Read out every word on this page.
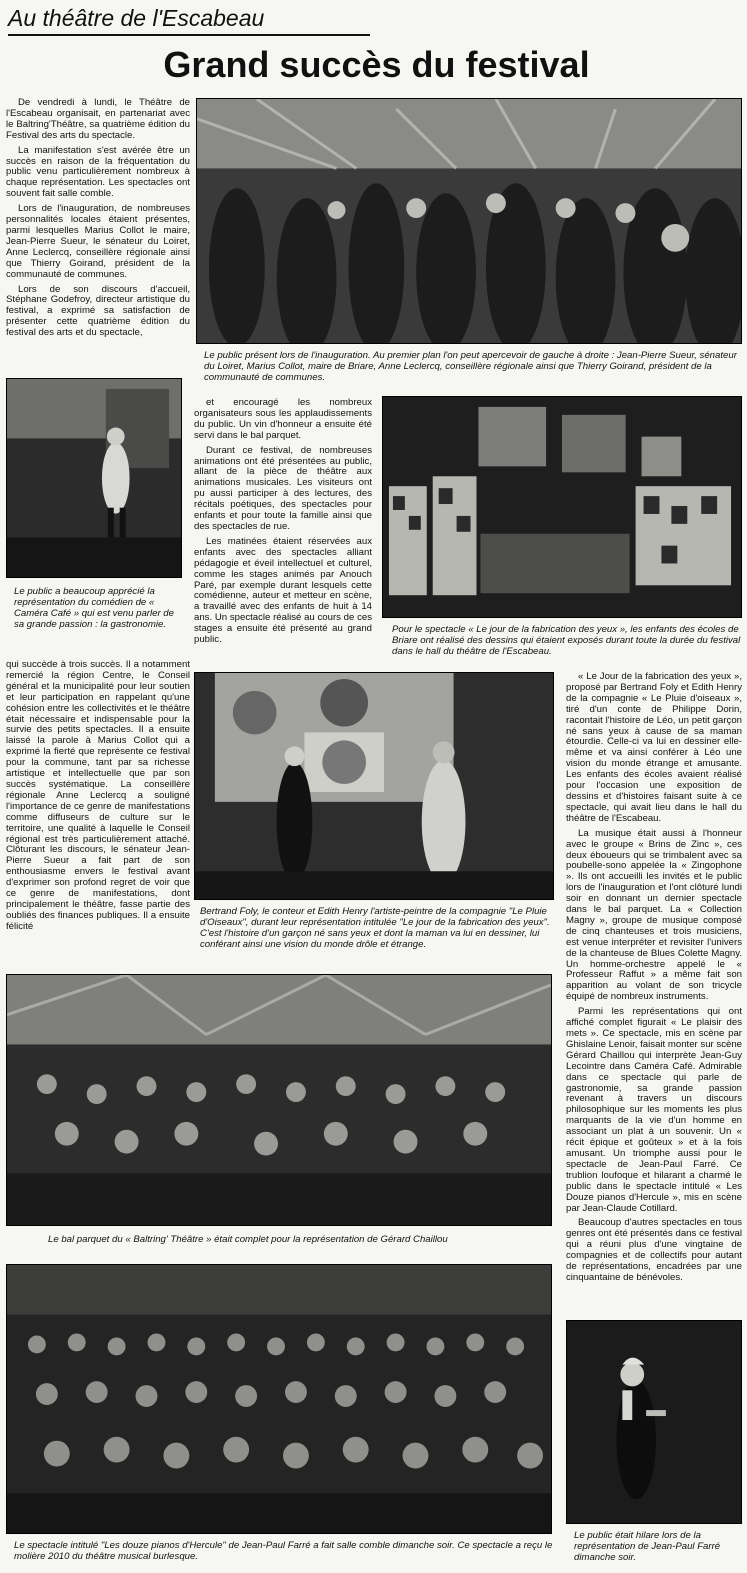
Au théâtre de l'Escabeau
Grand succès du festival

De vendredi à lundi, le Théâtre de l'Escabeau organisait, en partenariat avec le Baltring'Théâtre, sa quatrième édition du Festival des arts du spectacle.

La manifestation s'est avérée être un succès en raison de la fréquentation du public venu particulièrement nombreux à chaque représentation. Les spectacles ont souvent fait salle comble.

Lors de l'inauguration, de nombreuses personnalités locales étaient présentes, parmi lesquelles Marius Collot le maire, Jean-Pierre Sueur, le sénateur du Loiret, Anne Leclercq, conseillère régionale ainsi que Thierry Goirand, président de la communauté de communes.

Lors de son discours d'accueil, Stéphane Godefroy, directeur artistique du festival, a exprimé sa satisfaction de présenter cette quatrième édition du festival des arts et du spectacle,

Le public présent lors de l'inauguration. Au premier plan l'on peut apercevoir de gauche à droite : Jean-Pierre Sueur, sénateur du Loiret, Marius Collot, maire de Briare, Anne Leclercq, conseillère régionale ainsi que Thierry Goirand, président de la communauté de communes.
Le public a beaucoup apprécié la représentation du comédien de « Caméra Café » qui est venu parler de sa grande passion : la gastronomie.

et encouragé les nombreux organisateurs sous les applaudissements du public. Un vin d'honneur a ensuite été servi dans le bal parquet.

Durant ce festival, de nombreuses animations ont été présentées au public, allant de la pièce de théâtre aux animations musicales. Les visiteurs ont pu aussi participer à des lectures, des récitals poétiques, des spectacles pour enfants et pour toute la famille ainsi que des spectacles de rue.

Les matinées étaient réservées aux enfants avec des spectacles alliant pédagogie et éveil intellectuel et culturel, comme les stages animés par Anouch Paré, par exemple durant lesquels cette comédienne, auteur et metteur en scène, a travaillé avec des enfants de huit à 14 ans. Un spectacle réalisé au cours de ces stages a ensuite été présenté au grand public.

Pour le spectacle « Le jour de la fabrication des yeux », les enfants des écoles de Briare ont réalisé des dessins qui étaient exposés durant toute la durée du festival dans le hall du théâtre de l'Escabeau.

qui succède à trois succès. Il a notamment remercié la région Centre, le Conseil général et la municipalité pour leur soutien et leur participation en rappelant qu'une cohésion entre les collectivités et le théâtre était nécessaire et indispensable pour la survie des petits spectacles. Il a ensuite laissé la parole à Marius Collot qui a exprimé la fierté que représente ce festival pour la commune, tant par sa richesse artistique et intellectuelle que par son succès systématique. La conseillère régionale Anne Leclercq a souligné l'importance de ce genre de manifestations comme diffuseurs de culture sur le territoire, une qualité à laquelle le Conseil régional est très particulièrement attaché. Clôturant les discours, le sénateur Jean-Pierre Sueur a fait part de son enthousiasme envers le festival avant d'exprimer son profond regret de voir que ce genre de manifestations, dont principalement le théâtre, fasse partie des oubliés des finances publiques. Il a ensuite félicité

Bertrand Foly, le conteur et Edith Henry l'artiste-peintre de la compagnie "Le Pluie d'Oiseaux", durant leur représentation intitulée "Le jour de la fabrication des yeux". C'est l'histoire d'un garçon né sans yeux et dont la maman va lui en dessiner, lui conférant ainsi une vision du monde drôle et étrange.

« Le Jour de la fabrication des yeux », proposé par Bertrand Foly et Edith Henry de la compagnie « Le Pluie d'oiseaux », tiré d'un conte de Philippe Dorin, racontait l'histoire de Léo, un petit garçon né sans yeux à cause de sa maman étourdie. Celle-ci va lui en dessiner elle-même et va ainsi conférer à Léo une vision du monde étrange et amusante. Les enfants des écoles avaient réalisé pour l'occasion une exposition de dessins et d'histoires faisant suite à ce spectacle, qui avait lieu dans le hall du théâtre de l'Escabeau.

La musique était aussi à l'honneur avec le groupe « Brins de Zinc », ces deux éboueurs qui se trimbalent avec sa poubelle-sono appelée la « Zingophone ». Ils ont accueilli les invités et le public lors de l'inauguration et l'ont clôturé lundi soir en donnant un dernier spectacle dans le bal parquet. La « Collection Magny », groupe de musique composé de cinq chanteuses et trois musiciens, est venue interpréter et revisiter l'univers de la chanteuse de Blues Colette Magny. Un homme-orchestre appelé le « Professeur Raffut » a même fait son apparition au volant de son tricycle équipé de nombreux instruments.

Parmi les représentations qui ont affiché complet figurait « Le plaisir des mets ». Ce spectacle, mis en scène par Ghislaine Lenoir, faisait monter sur scène Gérard Chaillou qui interprète Jean-Guy Lecointre dans Caméra Café. Admirable dans ce spectacle qui parle de gastronomie, sa grande passion revenant à travers un discours philosophique sur les moments les plus marquants de la vie d'un homme en associant un plat à un souvenir. Un « récit épique et goûteux » et à la fois amusant. Un triomphe aussi pour le spectacle de Jean-Paul Farré. Ce trublion loufoque et hilarant a charmé le public dans le spectacle intitulé « Les Douze pianos d'Hercule », mis en scène par Jean-Claude Cotillard.

Beaucoup d'autres spectacles en tous genres ont été présentés dans ce festival qui a réuni plus d'une vingtaine de compagnies et de collectifs pour autant de représentations, encadrées par une cinquantaine de bénévoles.

Le bal parquet du « Baltring' Théâtre » était complet pour la représentation de Gérard Chaillou
Le spectacle intitulé "Les douze pianos d'Hercule" de Jean-Paul Farré a fait salle comble dimanche soir. Ce spectacle a reçu le molière 2010 du théâtre musical burlesque.
Le public était hilare lors de la représentation de Jean-Paul Farré dimanche soir.
